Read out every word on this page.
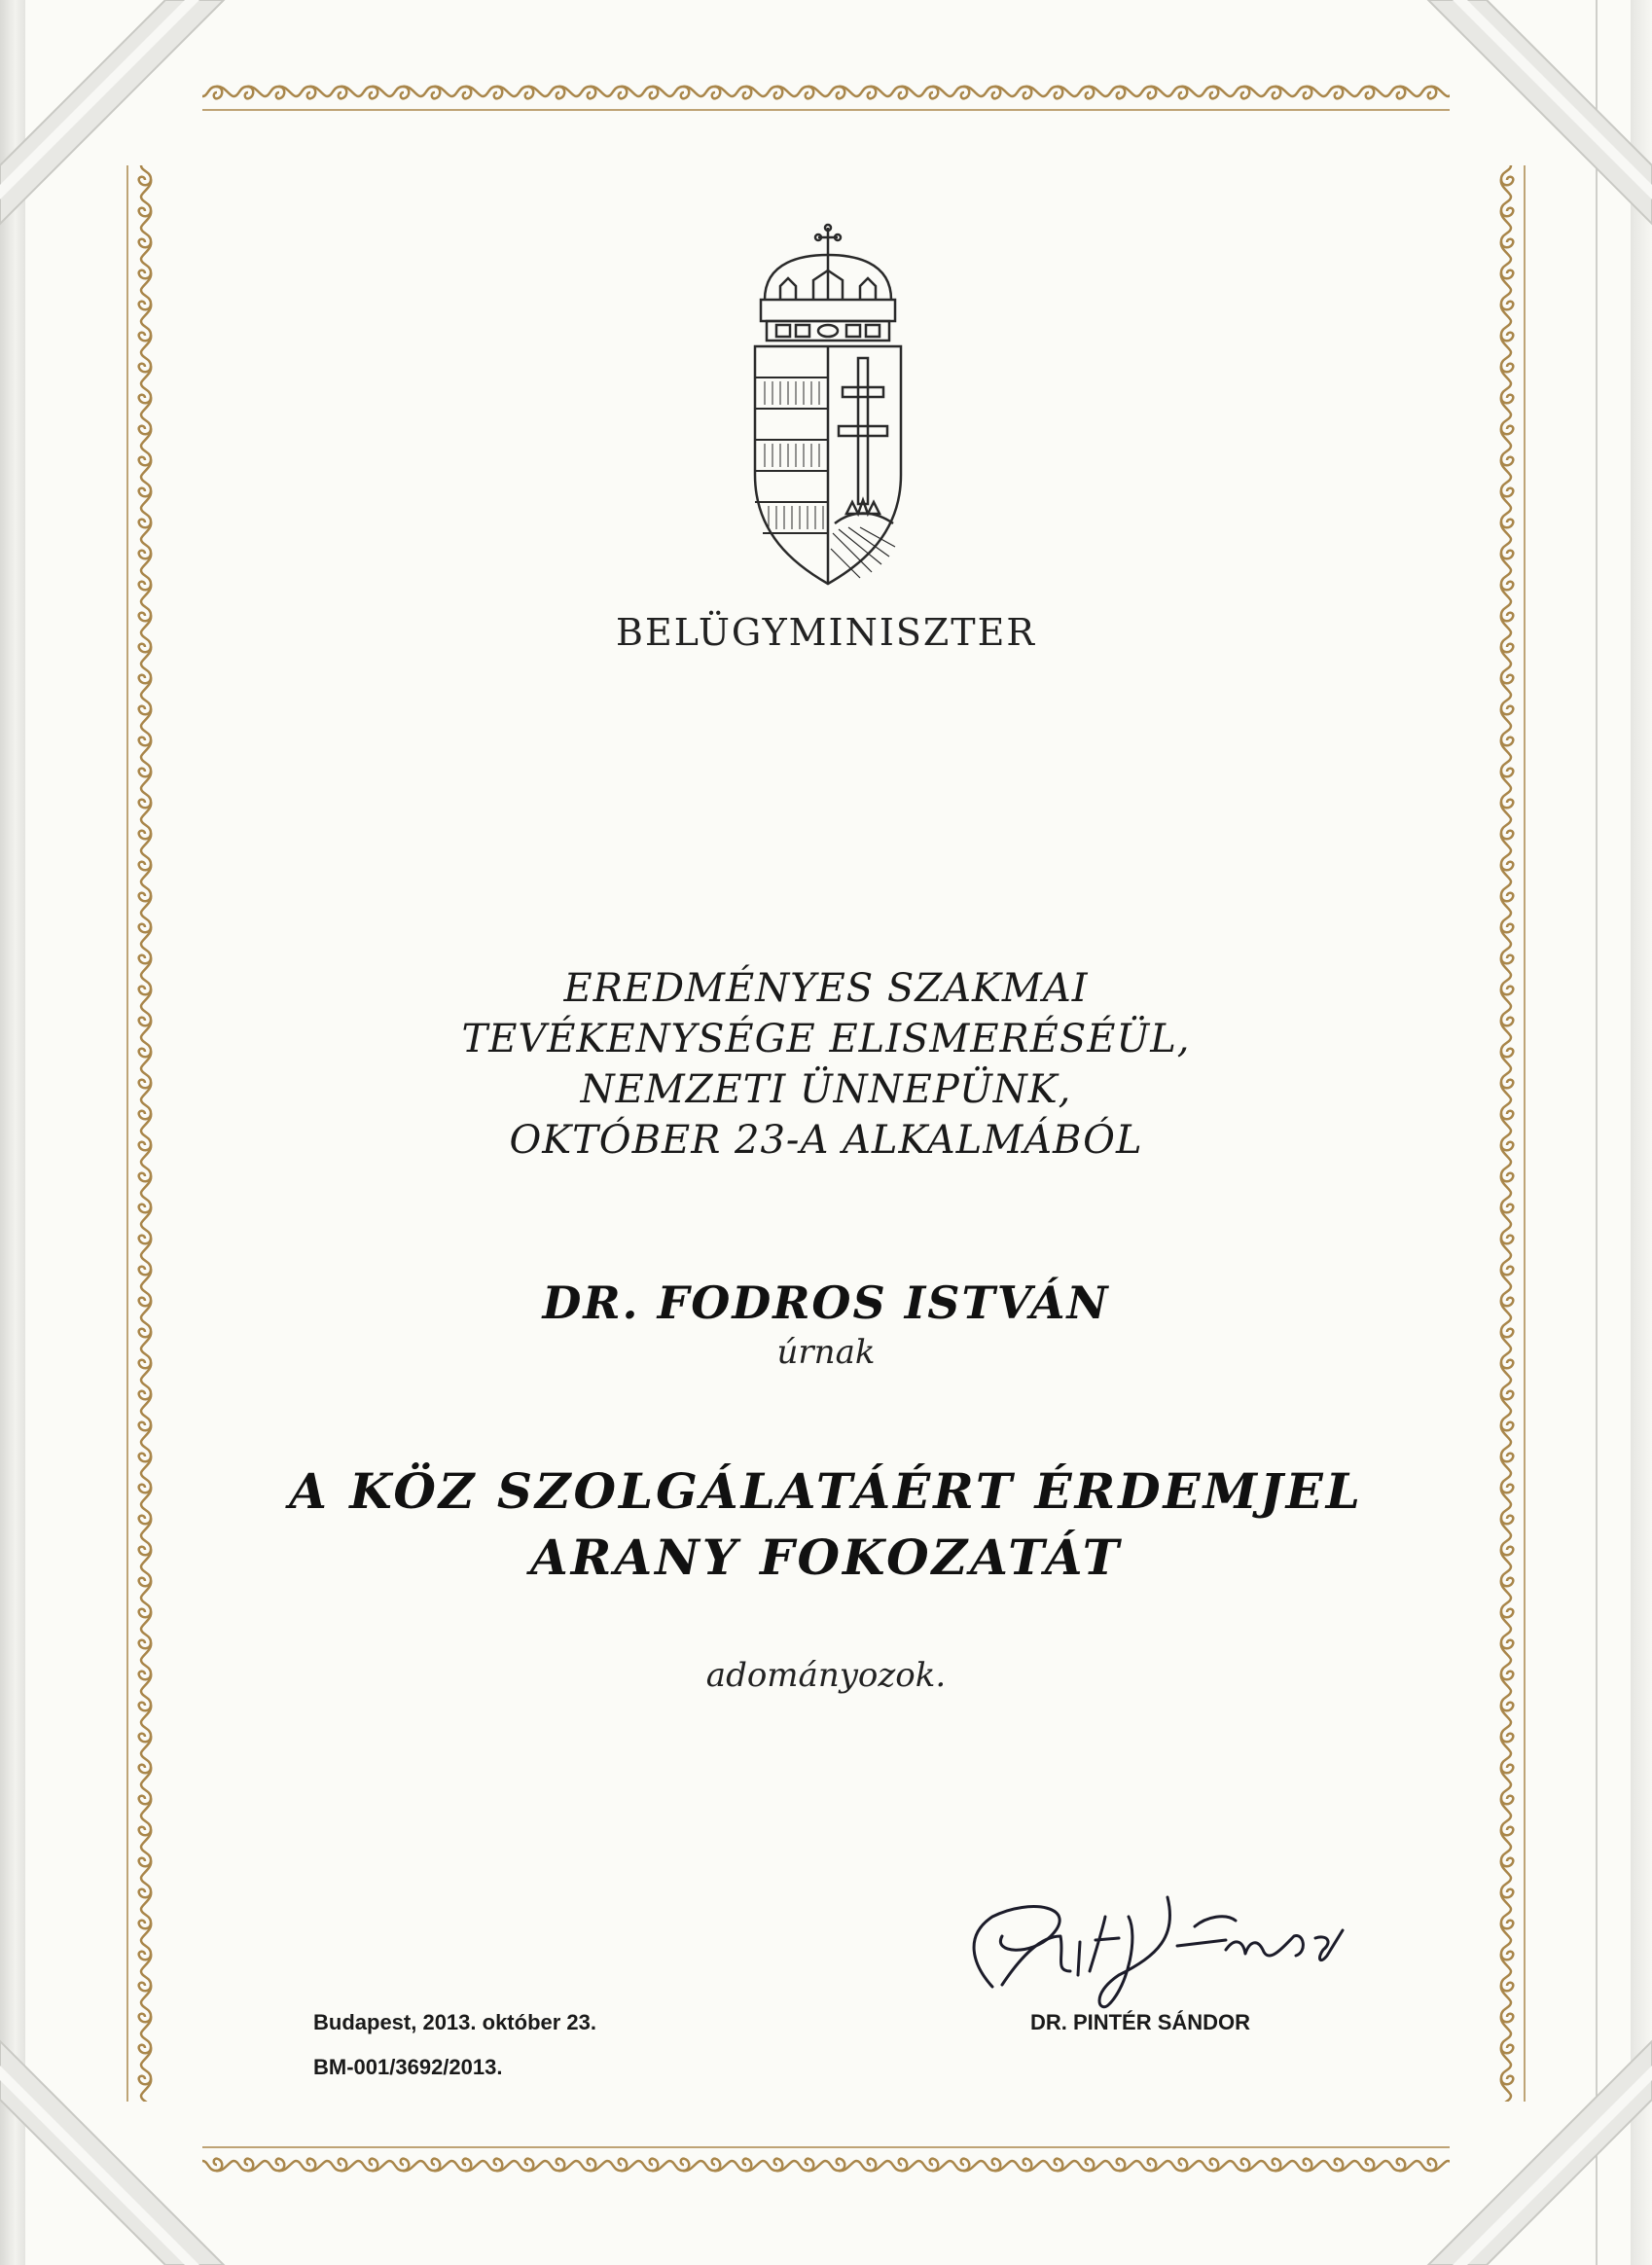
BELÜGYMINISZTER

EREDMÉNYES SZAKMAI

TEVÉKENYSÉGE ELISMERÉSÉÜL,

NEMZETI ÜNNEPÜNK,

OKTÓBER 23-A ALKALMÁBÓL

DR. FODROS ISTVÁN

úrnak

A KÖZ SZOLGÁLATÁÉRT ÉRDEMJEL

ARANY FOKOZATÁT

adományozok.

Budapest, 2013. október 23.

BM-001/3692/2013.

DR. PINTÉR SÁNDOR
